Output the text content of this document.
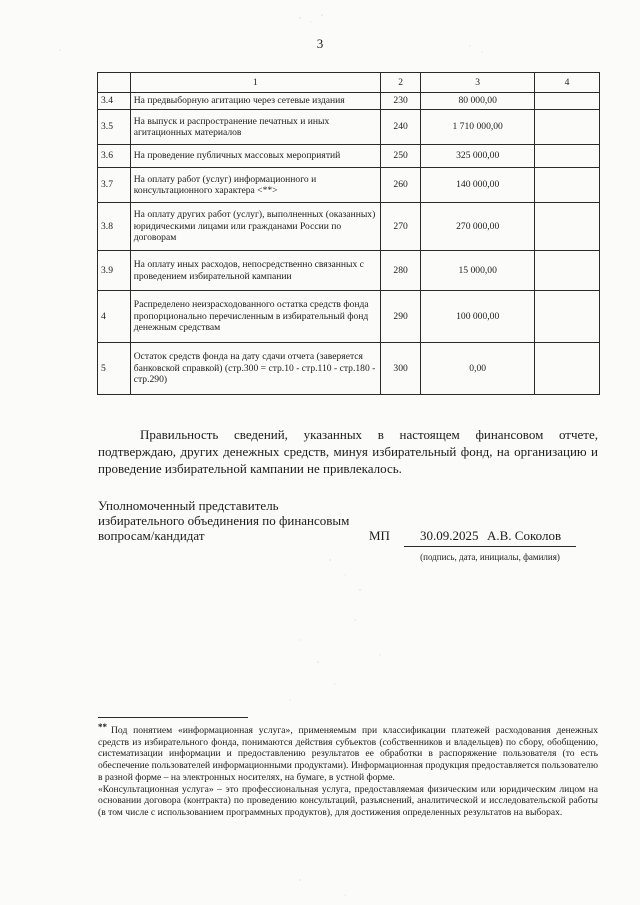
3
	1	2	3	4
3.4	На предвыборную агитацию через сетевые издания	230	80 000,00	
3.5	На выпуск и распространение печатных и иных агитационных материалов	240	1 710 000,00	
3.6	На проведение публичных массовых мероприятий	250	325 000,00	
3.7	На оплату работ (услуг) информационного и консультационного характера <**>	260	140 000,00	
3.8	На оплату других работ (услуг), выполненных (оказанных) юридическими лицами или гражданами России по договорам	270	270 000,00	
3.9	На оплату иных расходов, непосредственно связанных с проведением избирательной кампании	280	15 000,00	
4	Распределено неизрасходованного остатка средств фонда пропорционально перечисленным в избирательный фонд денежным средствам	290	100 000,00	
5	Остаток средств фонда на дату сдачи отчета (заверяется банковской справкой) (стр.300 = стр.10 - стр.110 - стр.180 - стр.290)	300	0,00	

Правильность сведений, указанных в настоящем финансовом отчете, подтверждаю, других денежных средств, минуя избирательный фонд, на организацию и проведение избирательной кампании не привлекалось.

Уполномоченный представитель
избирательного объединения по финансовым
вопросам/кандидат	МП 30.09.2025 А.В. Соколов
(подпись, дата, инициалы, фамилия)

** Под понятием «информационная услуга», применяемым при классификации платежей расходования денежных средств из избирательного фонда, понимаются действия субъектов (собственников и владельцев) по сбору, обобщению, систематизации информации и предоставлению результатов ее обработки в распоряжение пользователя (то есть обеспечение пользователей информационными продуктами). Информационная продукция предоставляется пользователю в разной форме – на электронных носителях, на бумаге, в устной форме.

«Консультационная услуга» – это профессиональная услуга, предоставляемая физическим или юридическим лицом на основании договора (контракта) по проведению консультаций, разъяснений, аналитической и исследовательской работы (в том числе с использованием программных продуктов), для достижения определенных результатов на выборах.
